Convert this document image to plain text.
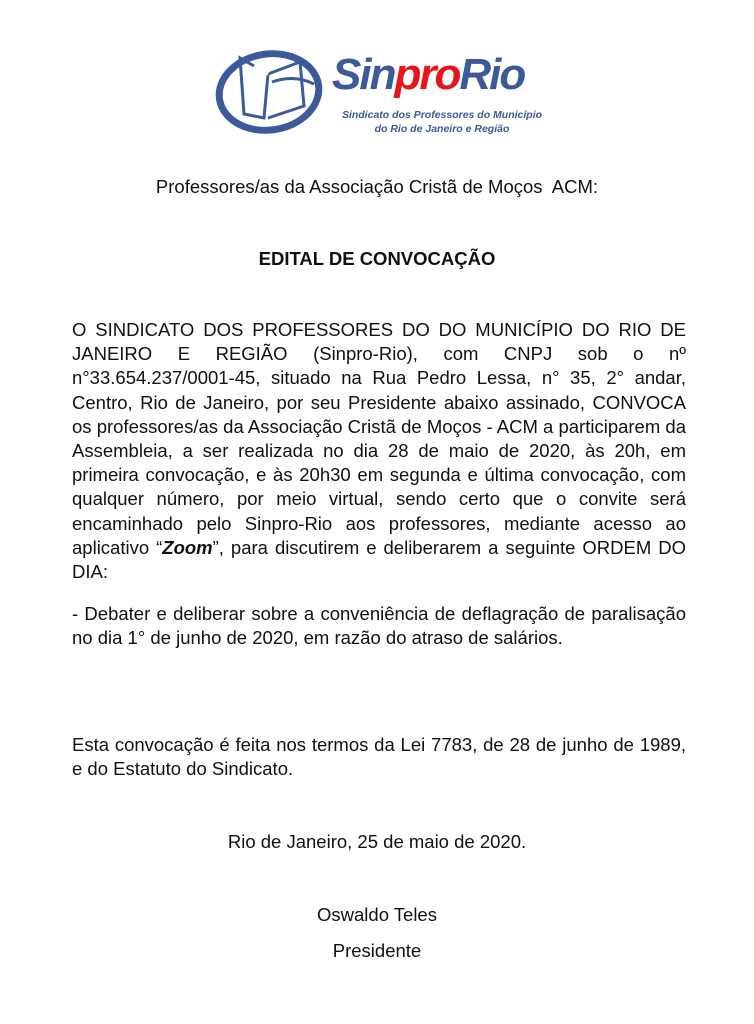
SinproRio
Sindicato dos Professores do Município
do Rio de Janeiro e Região
Professores/as da Associação Cristã de Moços  ACM:
EDITAL DE CONVOCAÇÃO
O SINDICATO DOS PROFESSORES DO DO MUNICÍPIO DO RIO DE JANEIRO E REGIÃO (Sinpro-Rio), com CNPJ sob o nº n°33.654.237/0001-45, situado na Rua Pedro Lessa, n° 35, 2° andar, Centro, Rio de Janeiro, por seu Presidente abaixo assinado, CONVOCA os professores/as da Associação Cristã de Moços - ACM a participarem da Assembleia, a ser realizada no dia 28 de maio de 2020, às 20h, em primeira convocação, e às 20h30 em segunda e última convocação, com qualquer número, por meio virtual, sendo certo que o convite será encaminhado pelo Sinpro-Rio aos professores, mediante acesso ao aplicativo “Zoom”, para discutirem e deliberarem a seguinte ORDEM DO DIA:
- Debater e deliberar sobre a conveniência de deflagração de paralisação no dia 1° de junho de 2020, em razão do atraso de salários.
Esta convocação é feita nos termos da Lei 7783, de 28 de junho de 1989, e do Estatuto do Sindicato.
Rio de Janeiro, 25 de maio de 2020.
Oswaldo Teles
Presidente
